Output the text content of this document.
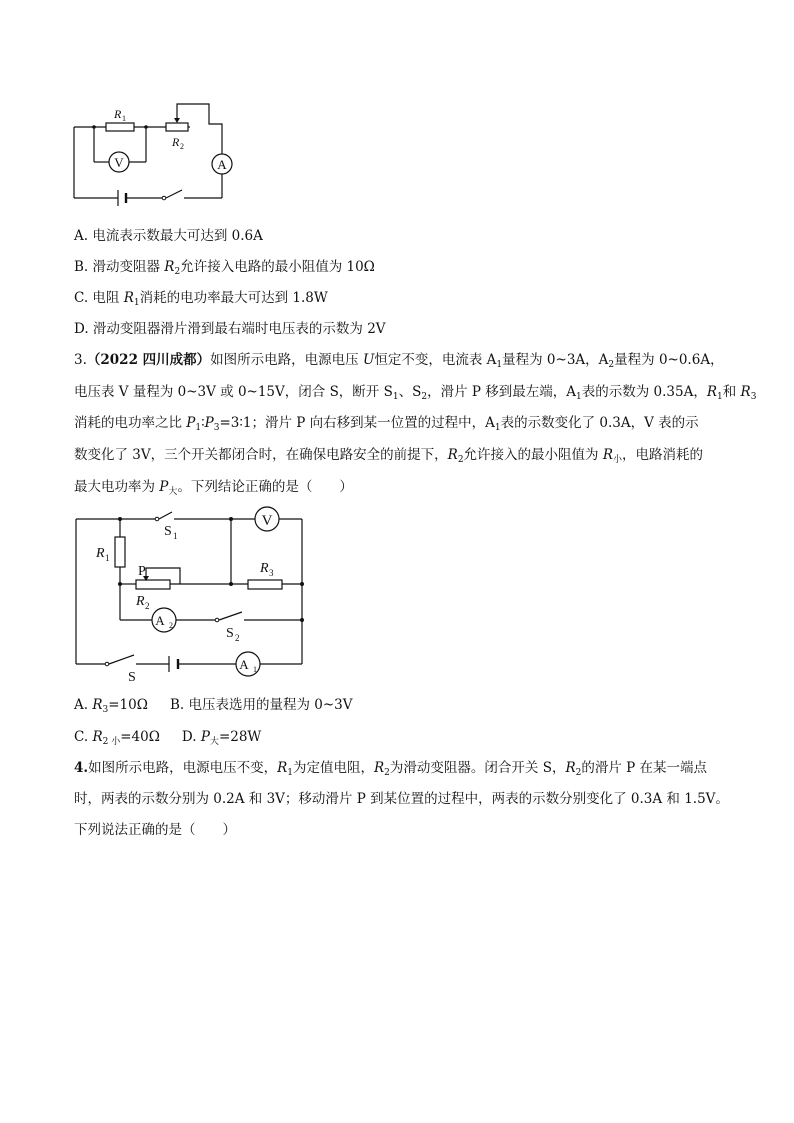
V	A
R 1
R 2
A. 电流表示数最大可达到 0.6A
B. 滑动变阻器 $R_2$允许接入电路的最小阻值为 10Ω
C. 电阻 $R_1$消耗的电功率最大可达到 1.8W
D. 滑动变阻器滑片滑到最右端时电压表的示数为 2V
3.（2022 四川成都）如图所示电路，电源电压 U恒定不变，电流表 $A_1$量程为 0~3A，$A_2$量程为 0~0.6A，
电压表 V 量程为 0~3V 或 0~15V，闭合 S，断开 $S_1$、$S_2$，滑片 P 移到最左端，$A_1$表的示数为 0.35A，$R_1$和 $R_3$
消耗的电功率之比 $P_1∶P_3=3∶1$；滑片 P 向右移到某一位置的过程中，$A_1$表的示数变化了 0.3A，V 表的示
数变化了 3V，三个开关都闭合时，在确保电路安全的前提下，$R_2$允许接入的最小阻值为 $R_小$，电路消耗的
最大电功率为 $P_大$。下列结论正确的是（　　）
V
A 2
A 1
S 1
R 1
P	R 3
R 2
S 2
S
A. $R_3=10\Omega$ B. 电压表选用的量程为 0~3V
C. $R_{2 小}=40\Omega$ D. $P_大=28W$
4.如图所示电路，电源电压不变，$R_1$为定值电阻，$R_2$为滑动变阻器。闭合开关 S，$R_2$的滑片 P 在某一端点
时，两表的示数分别为 0.2A 和 3V；移动滑片 P 到某位置的过程中，两表的示数分别变化了 0.3A 和 1.5V。
下列说法正确的是（　　）
